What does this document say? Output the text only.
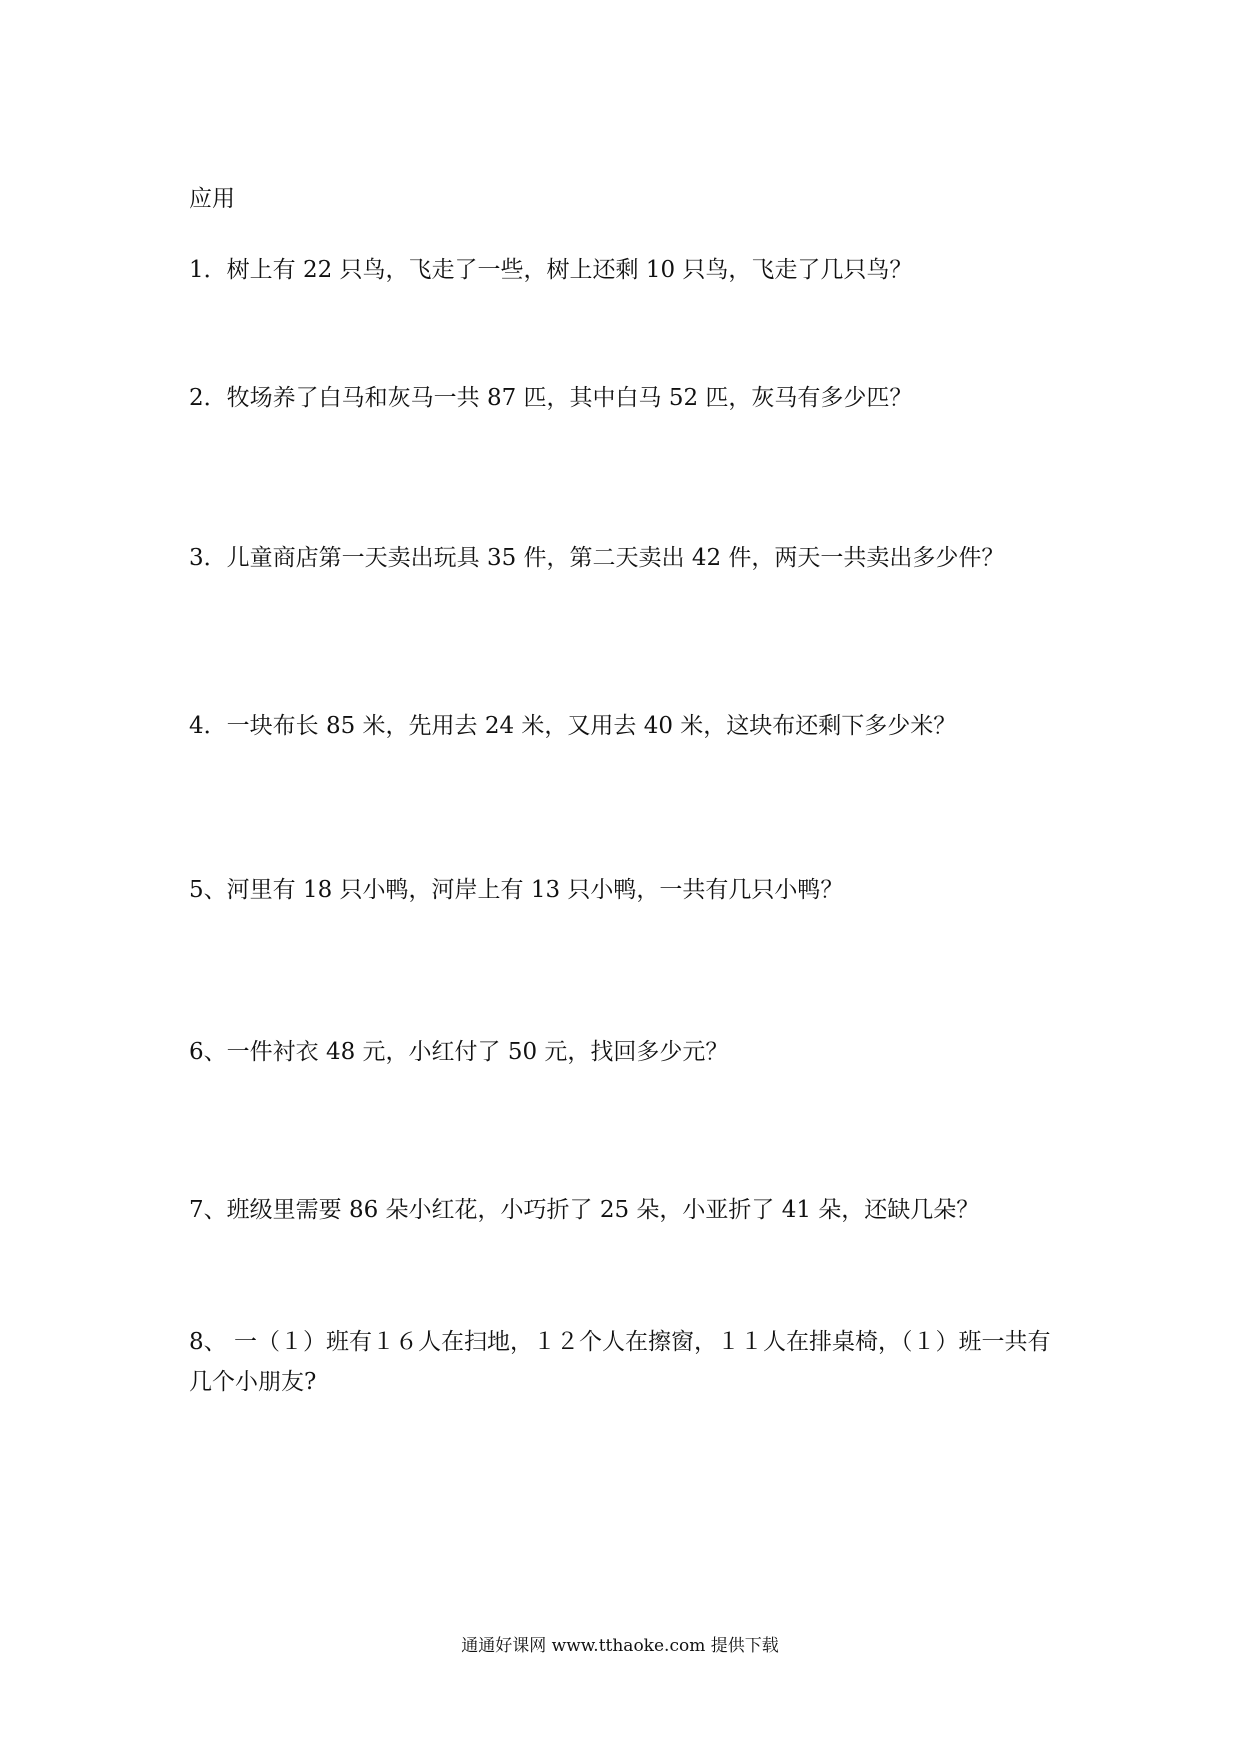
应用
1．树上有 22 只鸟，飞走了一些，树上还剩 10 只鸟，飞走了几只鸟？
2．牧场养了白马和灰马一共 87 匹，其中白马 52 匹，灰马有多少匹？
3．儿童商店第一天卖出玩具 35 件，第二天卖出 42 件，两天一共卖出多少件？
4．一块布长 85 米，先用去 24 米，又用去 40 米，这块布还剩下多少米？
5、河里有 18 只小鸭，河岸上有 13 只小鸭，一共有几只小鸭？
6、一件衬衣 48 元，小红付了 50 元，找回多少元？
7、班级里需要 86 朵小红花，小巧折了 25 朵，小亚折了 41 朵，还缺几朵？
8、 一（１）班有１６人在扫地，１２个人在擦窗，１１人在排桌椅，（１）班一共有几个小朋友?
通通好课网 www.tthaoke.com 提供下载
